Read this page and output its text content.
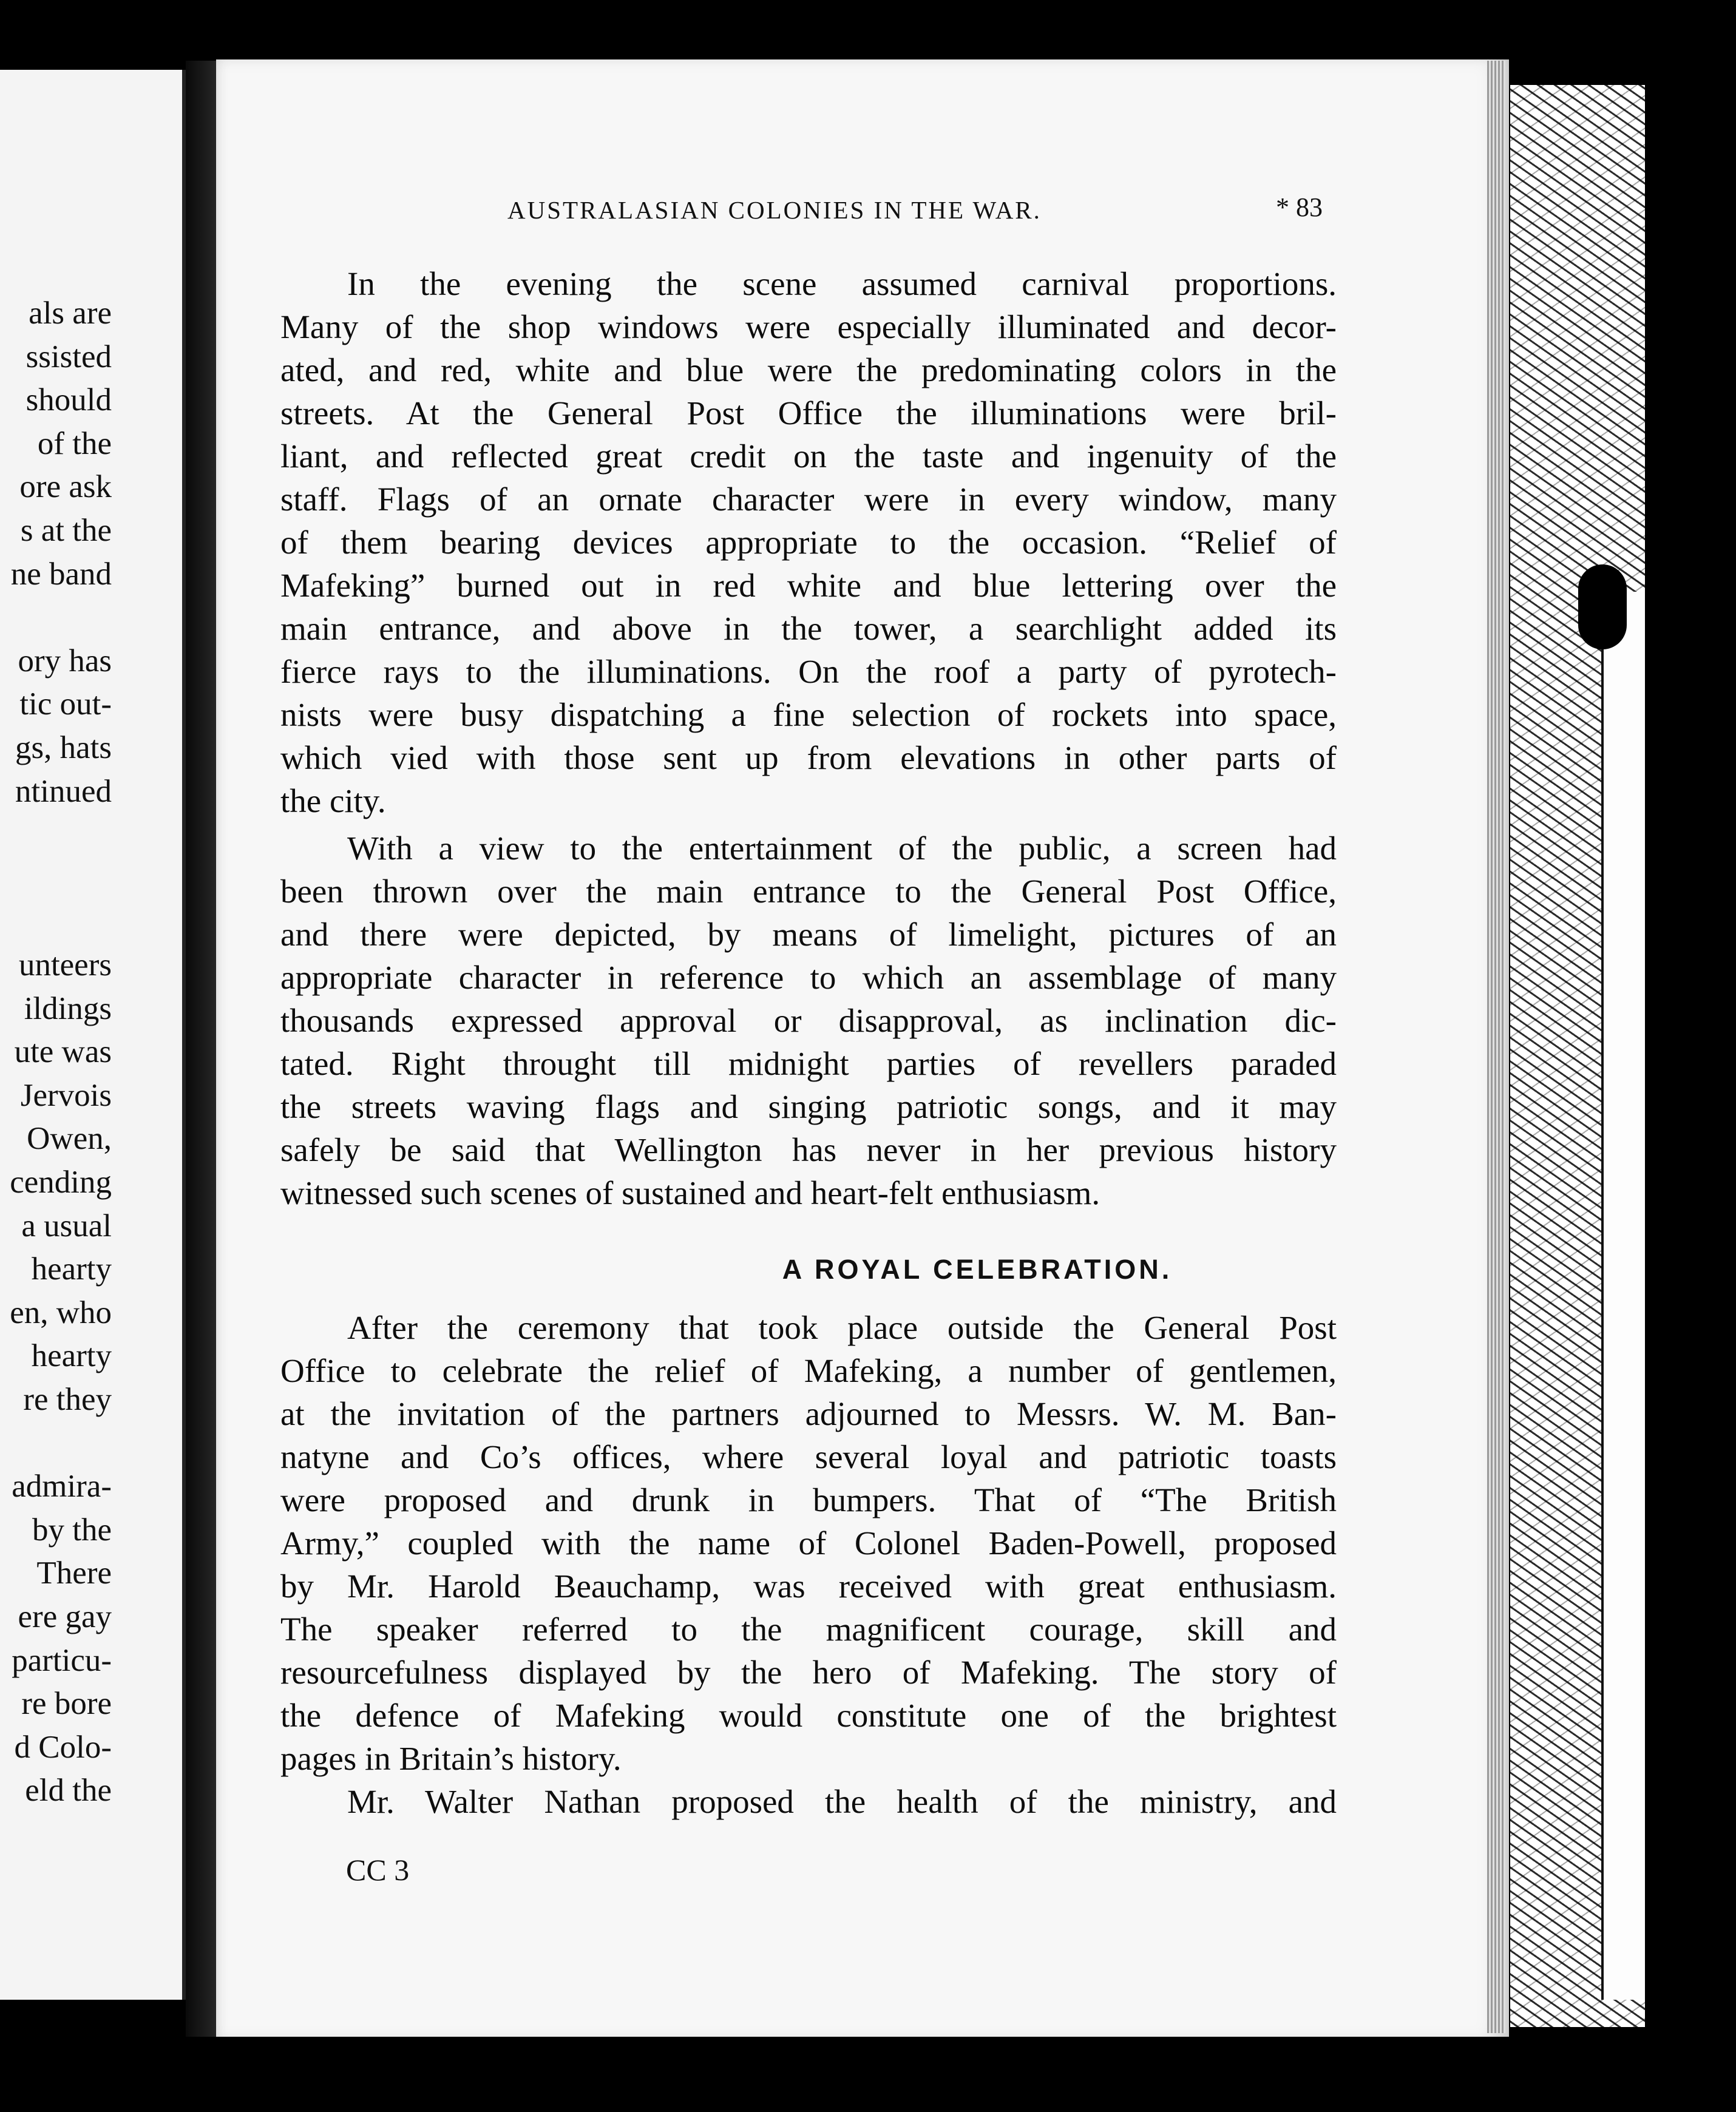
als are
ssisted
should
of the
ore ask
s at the
ne band
ory has
tic out-
gs, hats
ntinued
unteers
ildings
ute was
Jervois
Owen,
cending
a usual
hearty
en, who
hearty
re they
admira-
by the
There
ere gay
particu-
re bore
d Colo-
eld the
AUSTRALASIAN COLONIES IN THE WAR.	* 83
In the evening the scene assumed carnival proportions.
Many of the shop windows were especially illuminated and decor-
ated, and red, white and blue were the predominating colors in the
streets. At the General Post Office the illuminations were bril-
liant, and reflected great credit on the taste and ingenuity of the
staff. Flags of an ornate character were in every window, many
of them bearing devices appropriate to the occasion. “Relief of
Mafeking” burned out in red white and blue lettering over the
main entrance, and above in the tower, a searchlight added its
fierce rays to the illuminations. On the roof a party of pyrotech-
nists were busy dispatching a fine selection of rockets into space,
which vied with those sent up from elevations in other parts of
the city.
With a view to the entertainment of the public, a screen had
been thrown over the main entrance to the General Post Office,
and there were depicted, by means of limelight, pictures of an
appropriate character in reference to which an assemblage of many
thousands expressed approval or disapproval, as inclination dic-
tated. Right throught till midnight parties of revellers paraded
the streets waving flags and singing patriotic songs, and it may
safely be said that Wellington has never in her previous history
witnessed such scenes of sustained and heart-felt enthusiasm.
After the ceremony that took place outside the General Post
Office to celebrate the relief of Mafeking, a number of gentlemen,
at the invitation of the partners adjourned to Messrs. W. M. Ban-
natyne and Co’s offices, where several loyal and patriotic toasts
were proposed and drunk in bumpers. That of “The British
Army,” coupled with the name of Colonel Baden-Powell, proposed
by Mr. Harold Beauchamp, was received with great enthusiasm.
The speaker referred to the magnificent courage, skill and
resourcefulness displayed by the hero of Mafeking. The story of
the defence of Mafeking would constitute one of the brightest
pages in Britain’s history.
Mr. Walter Nathan proposed the health of the ministry, and
A ROYAL CELEBRATION.
CC 3
